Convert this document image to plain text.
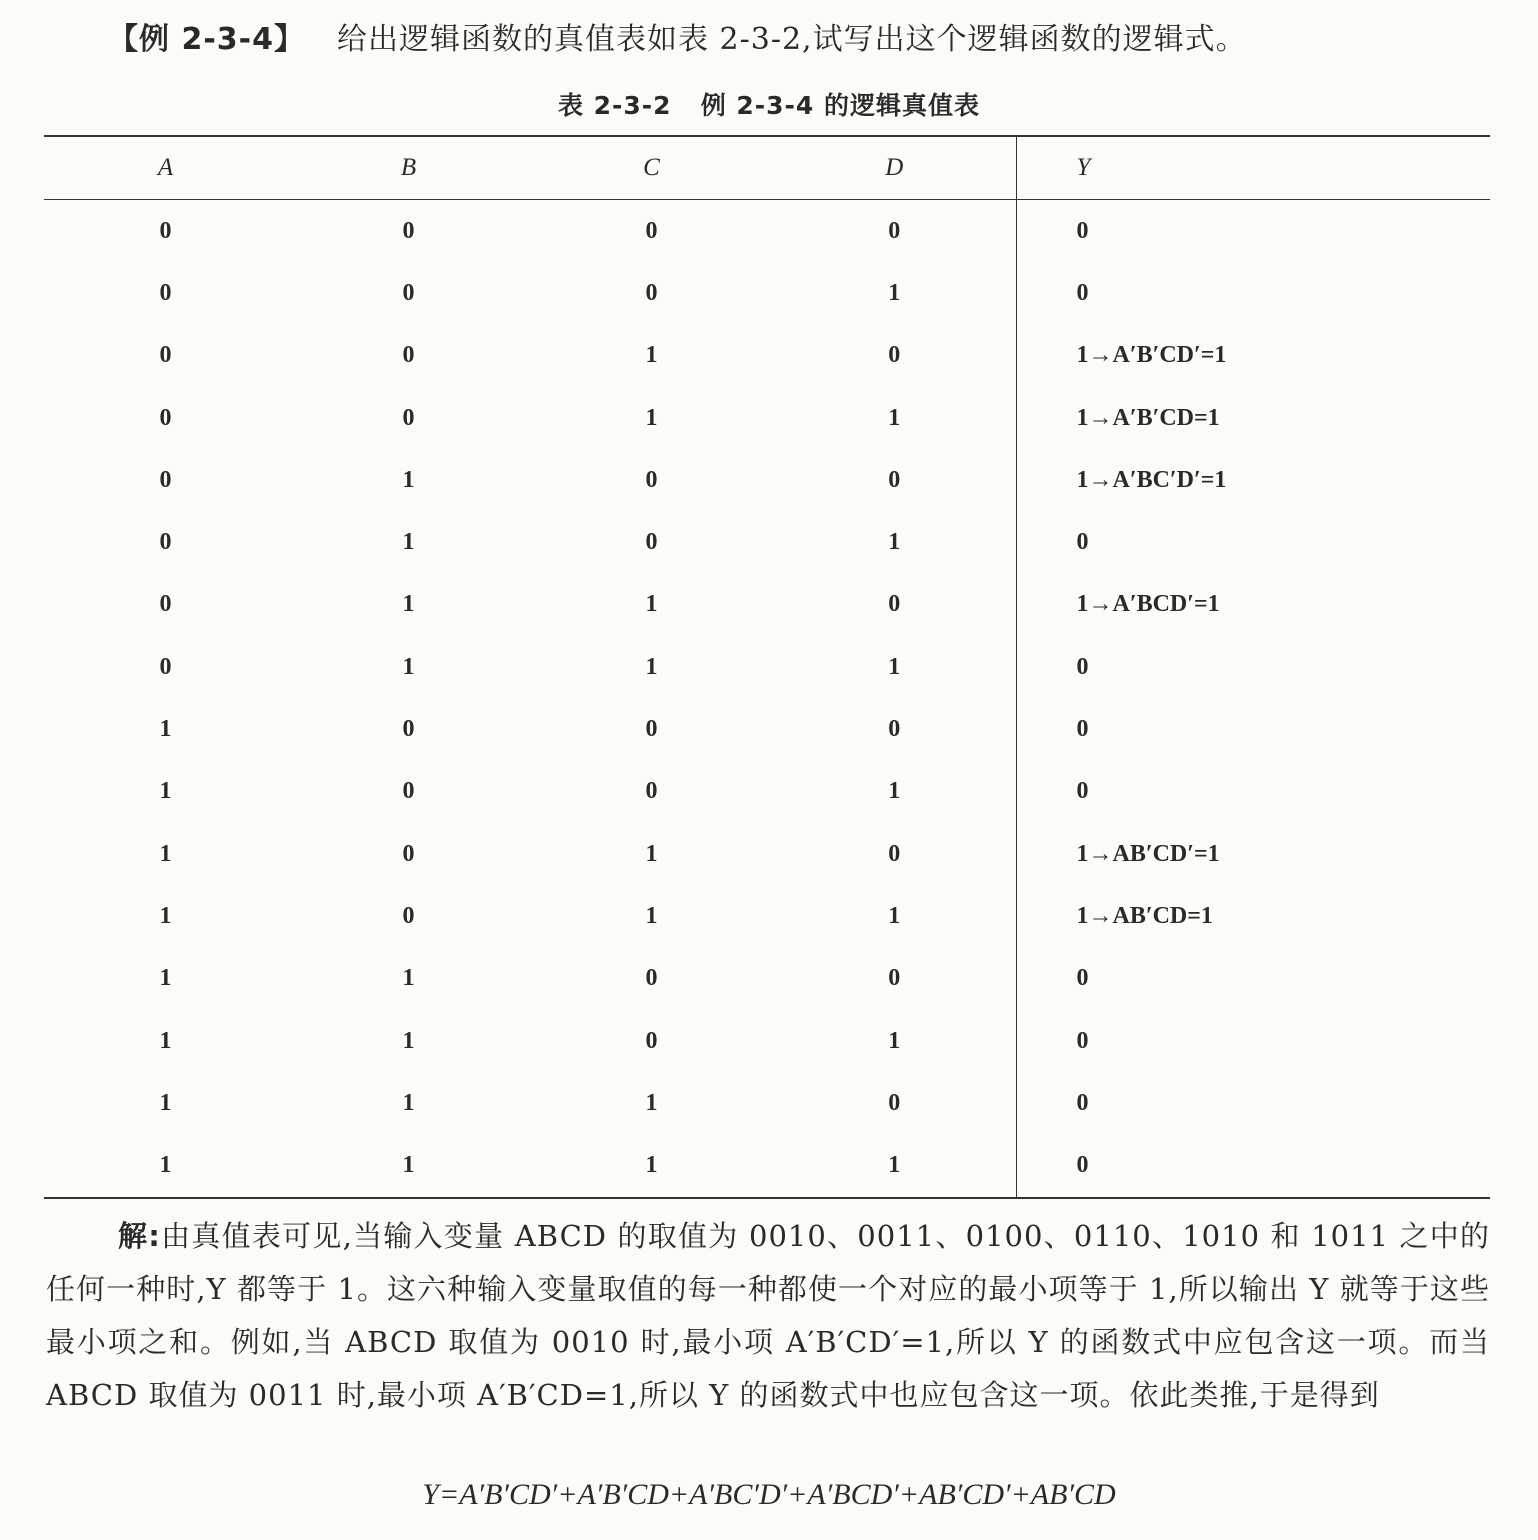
【例 2-3-4】 给出逻辑函数的真值表如表 2-3-2,试写出这个逻辑函数的逻辑式。
表 2-3-2   例 2-3-4 的逻辑真值表
A	B	C	D	Y
0	0	0	0	0
0	0	0	1	0
0	0	1	0	1→A′B′CD′=1
0	0	1	1	1→A′B′CD=1
0	1	0	0	1→A′BC′D′=1
0	1	0	1	0
0	1	1	0	1→A′BCD′=1
0	1	1	1	0
1	0	0	0	0
1	0	0	1	0
1	0	1	0	1→AB′CD′=1
1	0	1	1	1→AB′CD=1
1	1	0	0	0
1	1	0	1	0
1	1	1	0	0
1	1	1	1	0

解:由真值表可见,当输入变量 ABCD 的取值为 0010、0011、0100、0110、1010 和 1011 之中的任何一种时,Y 都等于 1。这六种输入变量取值的每一种都使一个对应的最小项等于 1,所以输出 Y 就等于这些最小项之和。例如,当 ABCD 取值为 0010 时,最小项 A′B′CD′=1,所以 Y 的函数式中应包含这一项。而当 ABCD 取值为 0011 时,最小项 A′B′CD=1,所以 Y 的函数式中也应包含这一项。依此类推,于是得到

Y=A′B′CD′+A′B′CD+A′BC′D′+A′BCD′+AB′CD′+AB′CD
